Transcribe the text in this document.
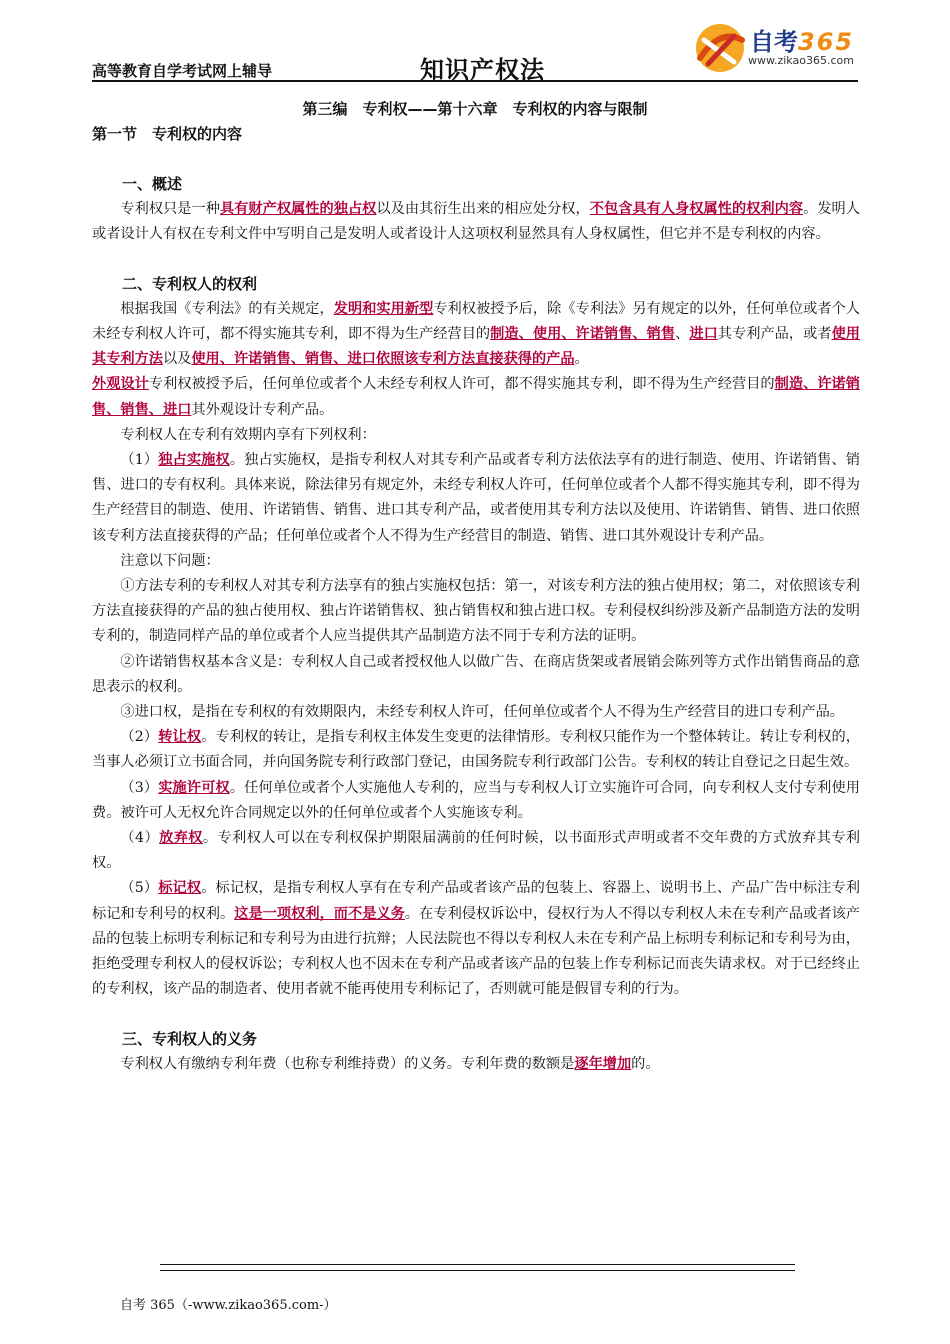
高等教育自学考试网上辅导	知识产权法
自考365
www.zikao365.com
第三编　专利权——第十六章　专利权的内容与限制
第一节　专利权的内容
一、概述

专利权只是一种具有财产权属性的独占权以及由其衍生出来的相应处分权，不包含具有人身权属性的权利内容。发明人或者设计人有权在专利文件中写明自己是发明人或者设计人这项权利显然具有人身权属性，但它并不是专利权的内容。

二、专利权人的权利

根据我国《专利法》的有关规定，发明和实用新型专利权被授予后，除《专利法》另有规定的以外，任何单位或者个人未经专利权人许可，都不得实施其专利，即不得为生产经营目的制造、使用、许诺销售、销售、进口其专利产品，或者使用其专利方法以及使用、许诺销售、销售、进口依照该专利方法直接获得的产品。

外观设计专利权被授予后，任何单位或者个人未经专利权人许可，都不得实施其专利，即不得为生产经营目的制造、许诺销售、销售、进口其外观设计专利产品。

专利权人在专利有效期内享有下列权利：

（1）独占实施权。独占实施权，是指专利权人对其专利产品或者专利方法依法享有的进行制造、使用、许诺销售、销售、进口的专有权利。具体来说，除法律另有规定外，未经专利权人许可，任何单位或者个人都不得实施其专利，即不得为生产经营目的制造、使用、许诺销售、销售、进口其专利产品，或者使用其专利方法以及使用、许诺销售、销售、进口依照该专利方法直接获得的产品；任何单位或者个人不得为生产经营目的制造、销售、进口其外观设计专利产品。

注意以下问题：

①方法专利的专利权人对其专利方法享有的独占实施权包括：第一，对该专利方法的独占使用权；第二，对依照该专利方法直接获得的产品的独占使用权、独占许诺销售权、独占销售权和独占进口权。专利侵权纠纷涉及新产品制造方法的发明专利的，制造同样产品的单位或者个人应当提供其产品制造方法不同于专利方法的证明。

②许诺销售权基本含义是：专利权人自己或者授权他人以做广告、在商店货架或者展销会陈列等方式作出销售商品的意思表示的权利。

③进口权，是指在专利权的有效期限内，未经专利权人许可，任何单位或者个人不得为生产经营目的进口专利产品。

（2）转让权。专利权的转让，是指专利权主体发生变更的法律情形。专利权只能作为一个整体转让。转让专利权的，当事人必须订立书面合同，并向国务院专利行政部门登记，由国务院专利行政部门公告。专利权的转让自登记之日起生效。

（3）实施许可权。任何单位或者个人实施他人专利的，应当与专利权人订立实施许可合同，向专利权人支付专利使用费。被许可人无权允许合同规定以外的任何单位或者个人实施该专利。

（4）放弃权。专利权人可以在专利权保护期限届满前的任何时候，以书面形式声明或者不交年费的方式放弃其专利权。

（5）标记权。标记权，是指专利权人享有在专利产品或者该产品的包装上、容器上、说明书上、产品广告中标注专利标记和专利号的权利。这是一项权利，而不是义务。在专利侵权诉讼中，侵权行为人不得以专利权人未在专利产品或者该产品的包装上标明专利标记和专利号为由进行抗辩；人民法院也不得以专利权人未在专利产品上标明专利标记和专利号为由，拒绝受理专利权人的侵权诉讼；专利权人也不因未在专利产品或者该产品的包装上作专利标记而丧失请求权。对于已经终止的专利权，该产品的制造者、使用者就不能再使用专利标记了，否则就可能是假冒专利的行为。

三、专利权人的义务

专利权人有缴纳专利年费（也称专利维持费）的义务。专利年费的数额是逐年增加的。

自考 365（-www.zikao365.com-）
